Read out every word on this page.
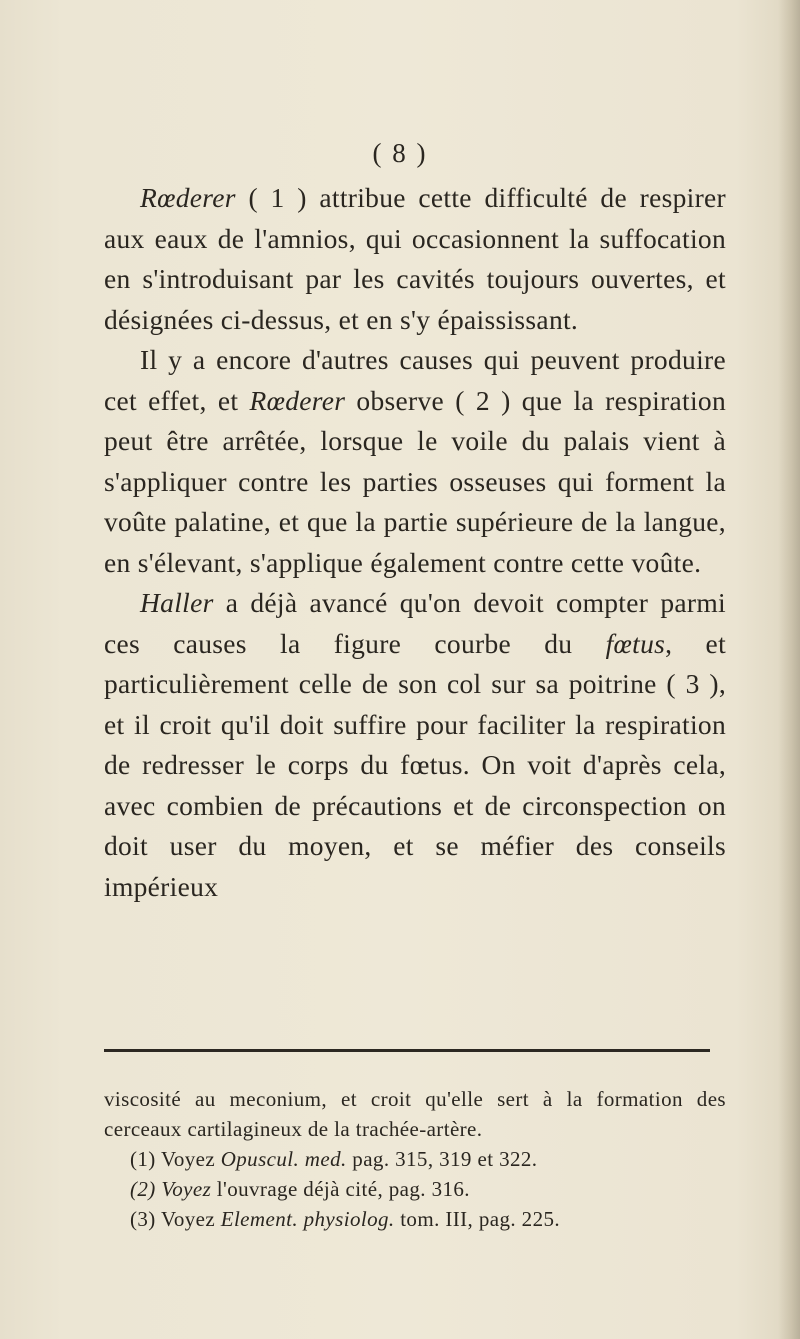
( 8 )

Rœderer ( 1 ) attribue cette difficulté de respirer aux eaux de l'amnios, qui occasionnent la suffocation en s'introduisant par les cavités toujours ouvertes, et désignées ci-dessus, et en s'y épaississant.

Il y a encore d'autres causes qui peuvent produire cet effet, et Rœderer observe ( 2 ) que la respiration peut être arrêtée, lorsque le voile du palais vient à s'appliquer contre les parties osseuses qui forment la voûte palatine, et que la partie supérieure de la langue, en s'élevant, s'applique également contre cette voûte.

Haller a déjà avancé qu'on devoit compter parmi ces causes la figure courbe du fœtus, et particulièrement celle de son col sur sa poitrine ( 3 ), et il croit qu'il doit suffire pour faciliter la respiration de redresser le corps du fœtus. On voit d'après cela, avec combien de précautions et de circonspection on doit user du moyen, et se méfier des conseils impérieux

viscosité au meconium, et croit qu'elle sert à la formation des cerceaux cartilagineux de la trachée-artère.

(1) Voyez Opuscul. med. pag. 315, 319 et 322.

(2) Voyez l'ouvrage déjà cité, pag. 316.

(3) Voyez Element. physiolog. tom. III, pag. 225.
